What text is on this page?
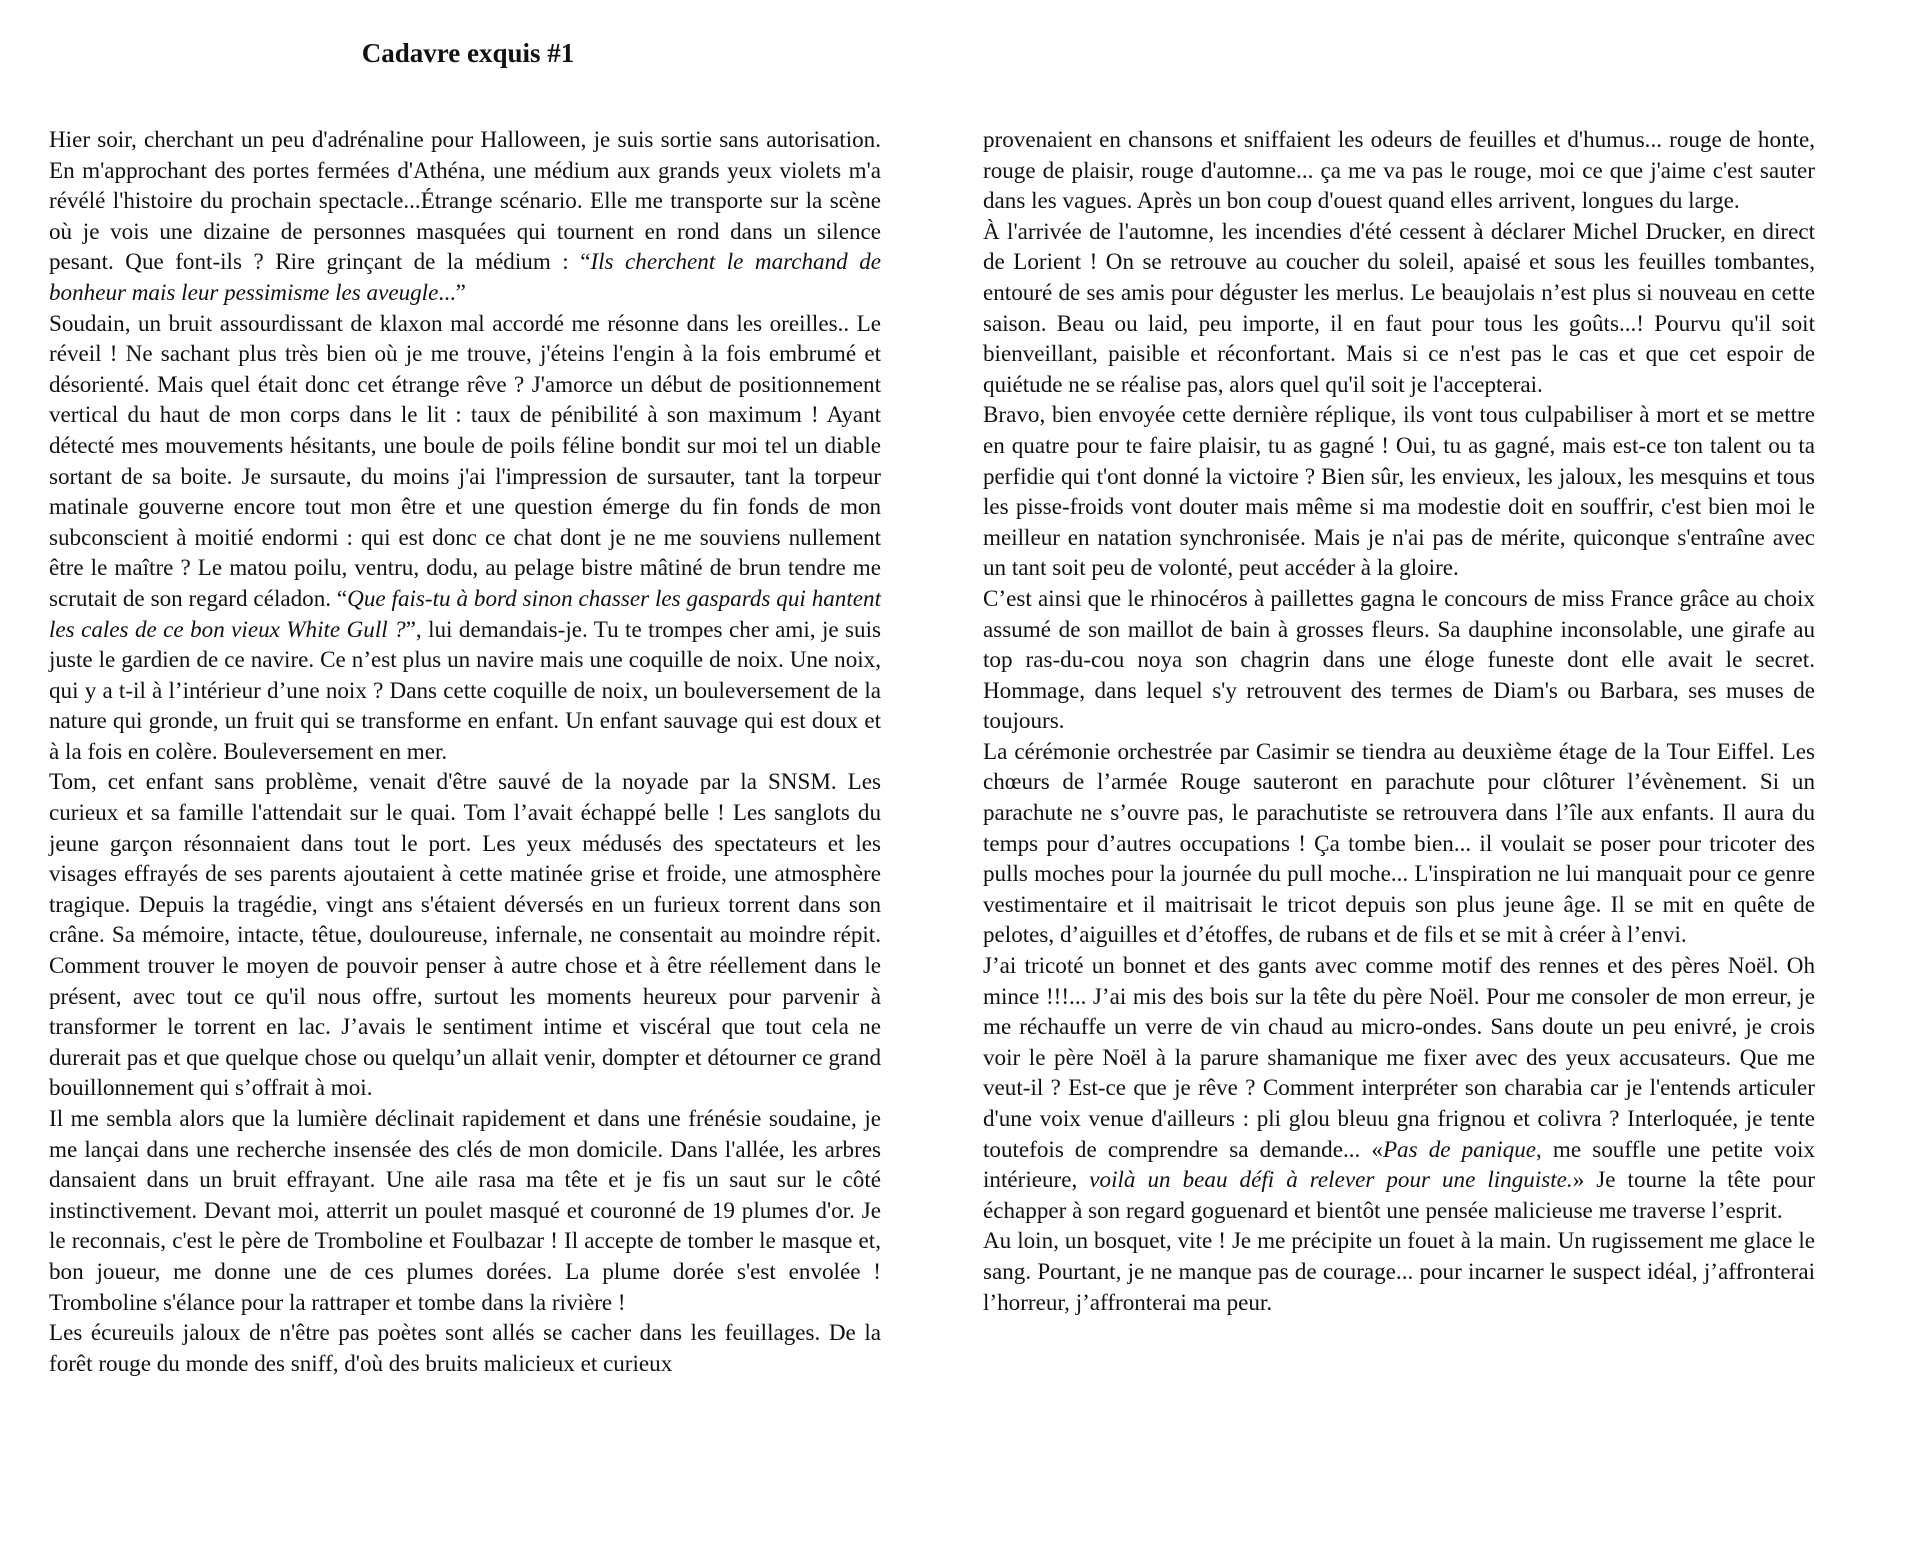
Cadavre exquis #1

Hier soir, cherchant un peu d'adrénaline pour Halloween, je suis sortie sans autorisation. En m'approchant des portes fermées d'Athéna, une médium aux grands yeux violets m'a révélé l'histoire du prochain spectacle...Étrange scénario. Elle me transporte sur la scène où je vois une dizaine de personnes masquées qui tournent en rond dans un silence pesant. Que font-ils ? Rire grinçant de la médium : “Ils cherchent le marchand de bonheur mais leur pessimisme les aveugle...”

Soudain, un bruit assourdissant de klaxon mal accordé me résonne dans les oreilles.. Le réveil ! Ne sachant plus très bien où je me trouve, j'éteins l'engin à la fois embrumé et désorienté. Mais quel était donc cet étrange rêve ? J'amorce un début de positionnement vertical du haut de mon corps dans le lit : taux de pénibilité à son maximum ! Ayant détecté mes mouvements hésitants, une boule de poils féline bondit sur moi tel un diable sortant de sa boite. Je sursaute, du moins j'ai l'impression de sursauter, tant la torpeur matinale gouverne encore tout mon être et une question émerge du fin fonds de mon subconscient à moitié endormi : qui est donc ce chat dont je ne me souviens nullement être le maître ? Le matou poilu, ventru, dodu, au pelage bistre mâtiné de brun tendre me scrutait de son regard céladon. “Que fais-tu à bord sinon chasser les gaspards qui hantent les cales de ce bon vieux White Gull ?”, lui demandais-je. Tu te trompes cher ami, je suis juste le gardien de ce navire. Ce n’est plus un navire mais une coquille de noix. Une noix, qui y a t-il à l’intérieur d’une noix ? Dans cette coquille de noix, un bouleversement de la nature qui gronde, un fruit qui se transforme en enfant. Un enfant sauvage qui est doux et à la fois en colère. Bouleversement en mer.

Tom, cet enfant sans problème, venait d'être sauvé de la noyade par la SNSM. Les curieux et sa famille l'attendait sur le quai. Tom l’avait échappé belle ! Les sanglots du jeune garçon résonnaient dans tout le port. Les yeux médusés des spectateurs et les visages effrayés de ses parents ajoutaient à cette matinée grise et froide, une atmosphère tragique. Depuis la tragédie, vingt ans s'étaient déversés en un furieux torrent dans son crâne. Sa mémoire, intacte, têtue, douloureuse, infernale, ne consentait au moindre répit. Comment trouver le moyen de pouvoir penser à autre chose et à être réellement dans le présent, avec tout ce qu'il nous offre, surtout les moments heureux pour parvenir à transformer le torrent en lac. J’avais le sentiment intime et viscéral que tout cela ne durerait pas et que quelque chose ou quelqu’un allait venir, dompter et détourner ce grand bouillonnement qui s’offrait à moi.

Il me sembla alors que la lumière déclinait rapidement et dans une frénésie soudaine, je me lançai dans une recherche insensée des clés de mon domicile. Dans l'allée, les arbres dansaient dans un bruit effrayant. Une aile rasa ma tête et je fis un saut sur le côté instinctivement. Devant moi, atterrit un poulet masqué et couronné de 19 plumes d'or. Je le reconnais, c'est le père de Tromboline et Foulbazar ! Il accepte de tomber le masque et, bon joueur, me donne une de ces plumes dorées. La plume dorée s'est envolée ! Tromboline s'élance pour la rattraper et tombe dans la rivière !

Les écureuils jaloux de n'être pas poètes sont allés se cacher dans les feuillages. De la forêt rouge du monde des sniff, d'où des bruits malicieux et curieux

provenaient en chansons et sniffaient les odeurs de feuilles et d'humus... rouge de honte, rouge de plaisir, rouge d'automne... ça me va pas le rouge, moi ce que j'aime c'est sauter dans les vagues. Après un bon coup d'ouest quand elles arrivent, longues du large.

À l'arrivée de l'automne, les incendies d'été cessent à déclarer Michel Drucker, en direct de Lorient ! On se retrouve au coucher du soleil, apaisé et sous les feuilles tombantes, entouré de ses amis pour déguster les merlus. Le beaujolais n’est plus si nouveau en cette saison. Beau ou laid, peu importe, il en faut pour tous les goûts...! Pourvu qu'il soit bienveillant, paisible et réconfortant. Mais si ce n'est pas le cas et que cet espoir de quiétude ne se réalise pas, alors quel qu'il soit je l'accepterai.

Bravo, bien envoyée cette dernière réplique, ils vont tous culpabiliser à mort et se mettre en quatre pour te faire plaisir, tu as gagné ! Oui, tu as gagné, mais est-ce ton talent ou ta perfidie qui t'ont donné la victoire ? Bien sûr, les envieux, les jaloux, les mesquins et tous les pisse-froids vont douter mais même si ma modestie doit en souffrir, c'est bien moi le meilleur en natation synchronisée. Mais je n'ai pas de mérite, quiconque s'entraîne avec un tant soit peu de volonté, peut accéder à la gloire.

C’est ainsi que le rhinocéros à paillettes gagna le concours de miss France grâce au choix assumé de son maillot de bain à grosses fleurs. Sa dauphine inconsolable, une girafe au top ras-du-cou noya son chagrin dans une éloge funeste dont elle avait le secret. Hommage, dans lequel s'y retrouvent des termes de Diam's ou Barbara, ses muses de toujours.

La cérémonie orchestrée par Casimir se tiendra au deuxième étage de la Tour Eiffel. Les chœurs de l’armée Rouge sauteront en parachute pour clôturer l’évènement. Si un parachute ne s’ouvre pas, le parachutiste se retrouvera dans l’île aux enfants. Il aura du temps pour d’autres occupations ! Ça tombe bien... il voulait se poser pour tricoter des pulls moches pour la journée du pull moche... L'inspiration ne lui manquait pour ce genre vestimentaire et il maitrisait le tricot depuis son plus jeune âge. Il se mit en quête de pelotes, d’aiguilles et d’étoffes, de rubans et de fils et se mit à créer à l’envi.

J’ai tricoté un bonnet et des gants avec comme motif des rennes et des pères Noël. Oh mince !!!... J’ai mis des bois sur la tête du père Noël. Pour me consoler de mon erreur, je me réchauffe un verre de vin chaud au micro-ondes. Sans doute un peu enivré, je crois voir le père Noël à la parure shamanique me fixer avec des yeux accusateurs. Que me veut-il ? Est-ce que je rêve ? Comment interpréter son charabia car je l'entends articuler d'une voix venue d'ailleurs : pli glou bleuu gna frignou et colivra ? Interloquée, je tente toutefois de comprendre sa demande... «Pas de panique, me souffle une petite voix intérieure, voilà un beau défi à relever pour une linguiste.» Je tourne la tête pour échapper à son regard goguenard et bientôt une pensée malicieuse me traverse l’esprit.

Au loin, un bosquet, vite ! Je me précipite un fouet à la main. Un rugissement me glace le sang. Pourtant, je ne manque pas de courage... pour incarner le suspect idéal, j’affronterai l’horreur, j’affronterai ma peur.
